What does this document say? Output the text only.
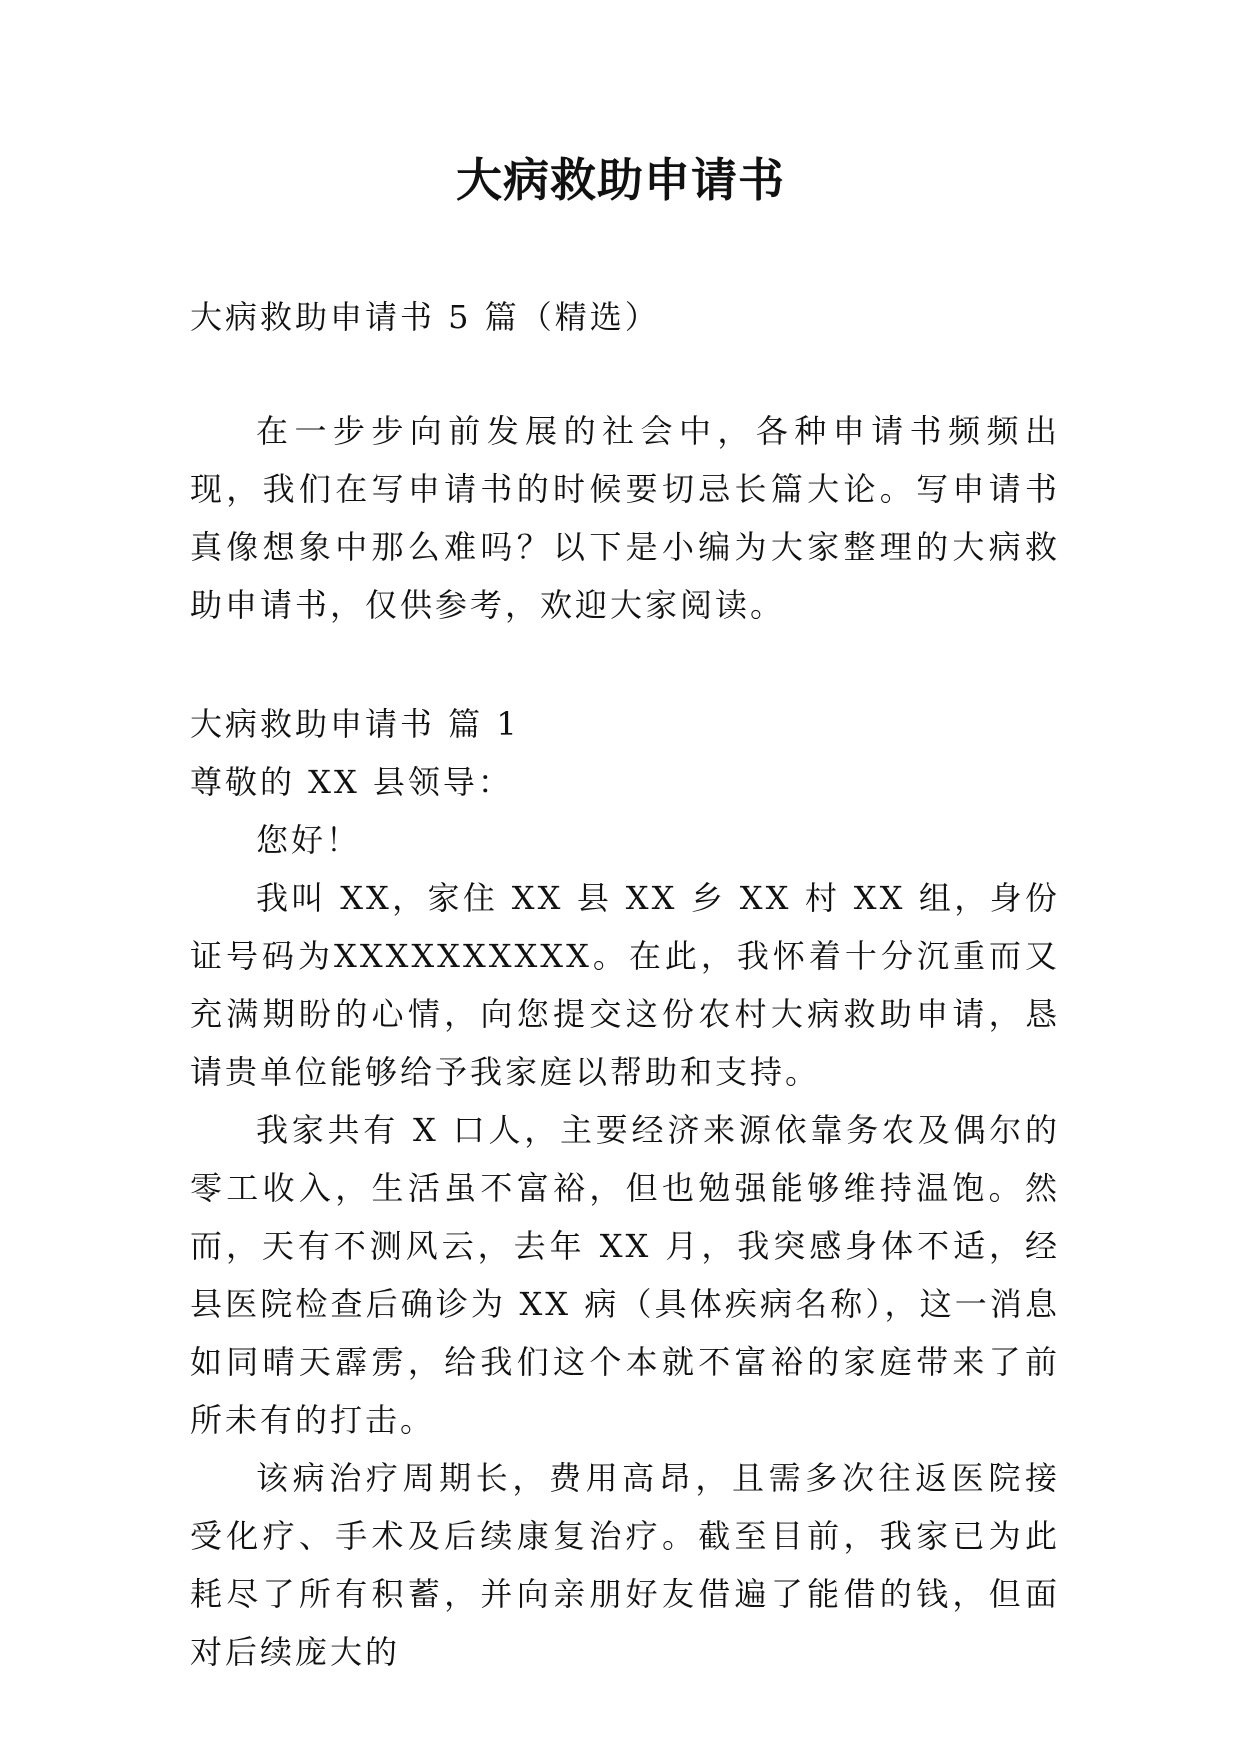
大病救助申请书
大病救助申请书 5 篇（精选）
在一步步向前发展的社会中，各种申请书频频出现，我们在写申请书的时候要切忌长篇大论。写申请书真像想象中那么难吗？以下是小编为大家整理的大病救助申请书，仅供参考，欢迎大家阅读。
大病救助申请书 篇 1
尊敬的 XX 县领导：
您好！

我叫 XX，家住 XX 县 XX 乡 XX 村 XX 组，身份证号码为XXXXXXXXXX。在此，我怀着十分沉重而又充满期盼的心情，向您提交这份农村大病救助申请，恳请贵单位能够给予我家庭以帮助和支持。

我家共有 X 口人，主要经济来源依靠务农及偶尔的零工收入，生活虽不富裕，但也勉强能够维持温饱。然而，天有不测风云，去年 XX 月，我突感身体不适，经县医院检查后确诊为 XX 病（具体疾病名称），这一消息如同晴天霹雳，给我们这个本就不富裕的家庭带来了前所未有的打击。

该病治疗周期长，费用高昂，且需多次往返医院接受化疗、手术及后续康复治疗。截至目前，我家已为此耗尽了所有积蓄，并向亲朋好友借遍了能借的钱，但面对后续庞大的
